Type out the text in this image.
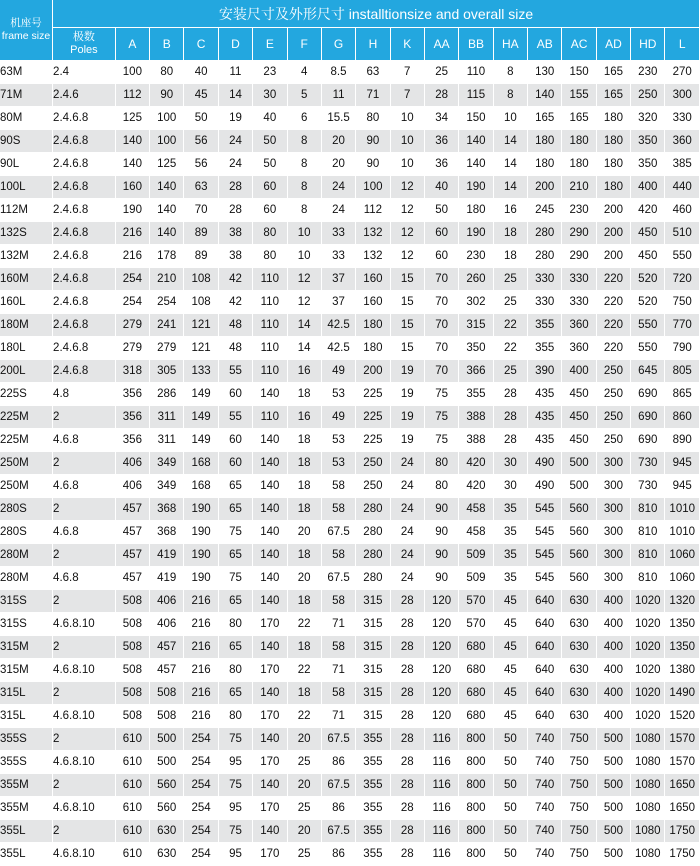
机座号
frame size	安装尺寸及外形尺寸 installtionsize and overall size																	

	极数
Poles	A	B	C	D	E	F	G	H	K	AA	BB	HA	AB	AC	AD	HD	L
63M	2.4	100	80	40	11	23	4	8.5	63	7	25	110	8	130	150	165	230	270
71M	2.4.6	112	90	45	14	30	5	11	71	7	28	115	8	140	155	165	250	300
80M	2.4.6.8	125	100	50	19	40	6	15.5	80	10	34	150	10	165	165	180	320	330
90S	2.4.6.8	140	100	56	24	50	8	20	90	10	36	140	14	180	180	180	350	360
90L	2.4.6.8	140	125	56	24	50	8	20	90	10	36	140	14	180	180	180	350	385
100L	2.4.6.8	160	140	63	28	60	8	24	100	12	40	190	14	200	210	180	400	440
112M	2.4.6.8	190	140	70	28	60	8	24	112	12	50	180	16	245	230	200	420	460
132S	2.4.6.8	216	140	89	38	80	10	33	132	12	60	190	18	280	290	200	450	510
132M	2.4.6.8	216	178	89	38	80	10	33	132	12	60	230	18	280	290	200	450	550
160M	2.4.6.8	254	210	108	42	110	12	37	160	15	70	260	25	330	330	220	520	720
160L	2.4.6.8	254	254	108	42	110	12	37	160	15	70	302	25	330	330	220	520	750
180M	2.4.6.8	279	241	121	48	110	14	42.5	180	15	70	315	22	355	360	220	550	770
180L	2.4.6.8	279	279	121	48	110	14	42.5	180	15	70	350	22	355	360	220	550	790
200L	2.4.6.8	318	305	133	55	110	16	49	200	19	70	366	25	390	400	250	645	805
225S	4.8	356	286	149	60	140	18	53	225	19	75	355	28	435	450	250	690	865
225M	2	356	311	149	55	110	16	49	225	19	75	388	28	435	450	250	690	860
225M	4.6.8	356	311	149	60	140	18	53	225	19	75	388	28	435	450	250	690	890
250M	2	406	349	168	60	140	18	53	250	24	80	420	30	490	500	300	730	945
250M	4.6.8	406	349	168	65	140	18	58	250	24	80	420	30	490	500	300	730	945
280S	2	457	368	190	65	140	18	58	280	24	90	458	35	545	560	300	810	1010
280S	4.6.8	457	368	190	75	140	20	67.5	280	24	90	458	35	545	560	300	810	1010
280M	2	457	419	190	65	140	18	58	280	24	90	509	35	545	560	300	810	1060
280M	4.6.8	457	419	190	75	140	20	67.5	280	24	90	509	35	545	560	300	810	1060
315S	2	508	406	216	65	140	18	58	315	28	120	570	45	640	630	400	1020	1320
315S	4.6.8.10	508	406	216	80	170	22	71	315	28	120	570	45	640	630	400	1020	1350
315M	2	508	457	216	65	140	18	58	315	28	120	680	45	640	630	400	1020	1350
315M	4.6.8.10	508	457	216	80	170	22	71	315	28	120	680	45	640	630	400	1020	1380
315L	2	508	508	216	65	140	18	58	315	28	120	680	45	640	630	400	1020	1490
315L	4.6.8.10	508	508	216	80	170	22	71	315	28	120	680	45	640	630	400	1020	1520
355S	2	610	500	254	75	140	20	67.5	355	28	116	800	50	740	750	500	1080	1570
355S	4.6.8.10	610	500	254	95	170	25	86	355	28	116	800	50	740	750	500	1080	1570
355M	2	610	560	254	75	140	20	67.5	355	28	116	800	50	740	750	500	1080	1650
355M	4.6.8.10	610	560	254	95	170	25	86	355	28	116	800	50	740	750	500	1080	1650
355L	2	610	630	254	75	140	20	67.5	355	28	116	800	50	740	750	500	1080	1750
355L	4.6.8.10	610	630	254	95	170	25	86	355	28	116	800	50	740	750	500	1080	1750
